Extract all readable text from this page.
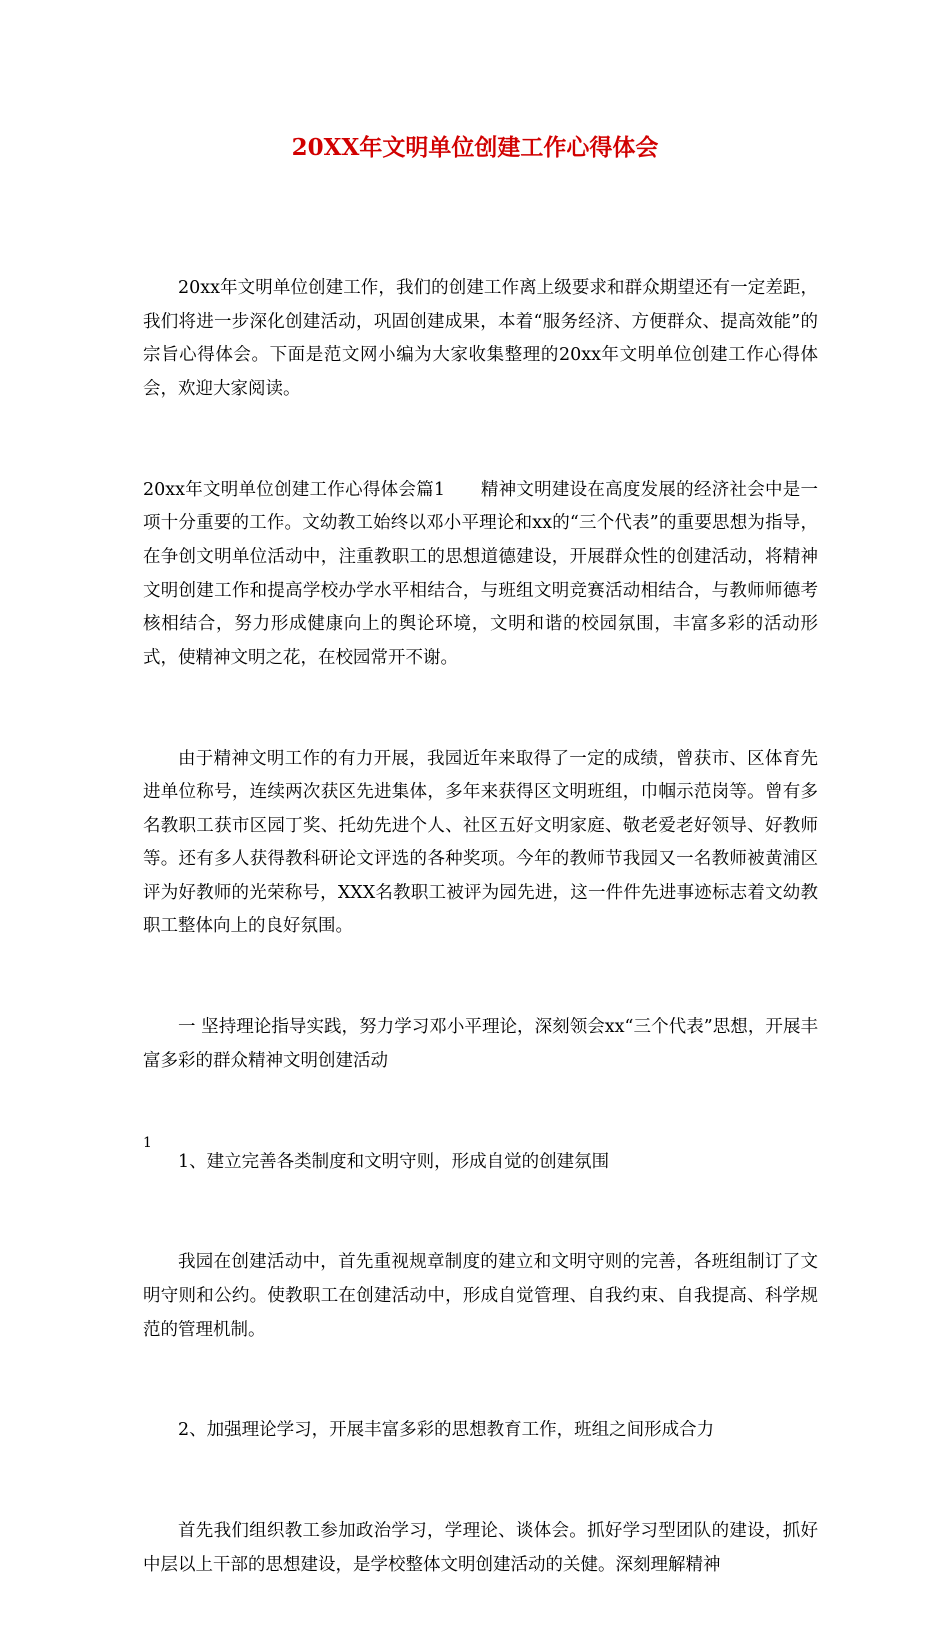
20XX年文明单位创建工作心得体会

20xx年文明单位创建工作，我们的创建工作离上级要求和群众期望还有一定差距，我们将进一步深化创建活动，巩固创建成果，本着“服务经济、方便群众、提高效能”的宗旨心得体会。下面是范文网小编为大家收集整理的20xx年文明单位创建工作心得体会，欢迎大家阅读。

20xx年文明单位创建工作心得体会篇1　　精神文明建设在高度发展的经济社会中是一项十分重要的工作。文幼教工始终以邓小平理论和xx的“三个代表”的重要思想为指导，在争创文明单位活动中，注重教职工的思想道德建设，开展群众性的创建活动，将精神文明创建工作和提高学校办学水平相结合，与班组文明竞赛活动相结合，与教师师德考核相结合，努力形成健康向上的舆论环境，文明和谐的校园氛围，丰富多彩的活动形式，使精神文明之花，在校园常开不谢。

由于精神文明工作的有力开展，我园近年来取得了一定的成绩，曾获市、区体育先进单位称号，连续两次获区先进集体，多年来获得区文明班组，巾帼示范岗等。曾有多名教职工获市区园丁奖、托幼先进个人、社区五好文明家庭、敬老爱老好领导、好教师等。还有多人获得教科研论文评选的各种奖项。今年的教师节我园又一名教师被黄浦区评为好教师的光荣称号，XXX名教职工被评为园先进，这一件件先进事迹标志着文幼教职工整体向上的良好氛围。

一 坚持理论指导实践，努力学习邓小平理论，深刻领会xx“三个代表”思想，开展丰富多彩的群众精神文明创建活动

1、建立完善各类制度和文明守则，形成自觉的创建氛围

我园在创建活动中，首先重视规章制度的建立和文明守则的完善，各班组制订了文明守则和公约。使教职工在创建活动中，形成自觉管理、自我约束、自我提高、科学规范的管理机制。

2、加强理论学习，开展丰富多彩的思想教育工作，班组之间形成合力

首先我们组织教工参加政治学习，学理论、谈体会。抓好学习型团队的建设，抓好中层以上干部的思想建设，是学校整体文明创建活动的关健。深刻理解精神

1
